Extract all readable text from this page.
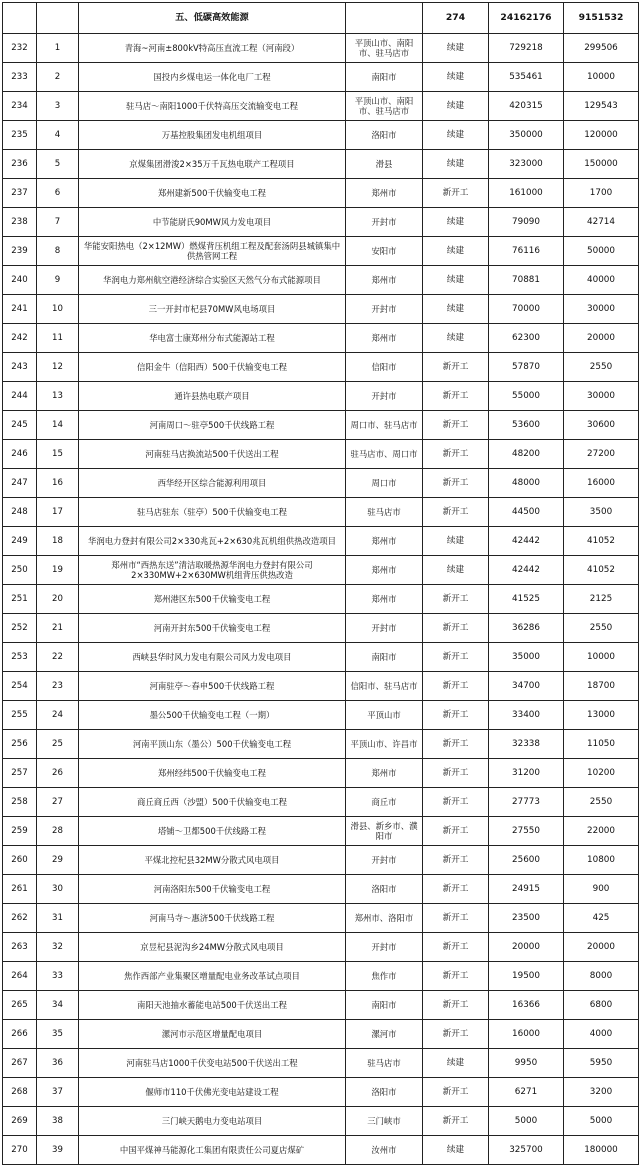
		五、低碳高效能源		274	24162176	9151532
232	1	青海~河南±800kV特高压直流工程（河南段）	平顶山市、南阳市、驻马店市	续建	729218	299506
233	2	国投内乡煤电运一体化电厂工程	南阳市	续建	535461	10000
234	3	驻马店～南阳1000千伏特高压交流输变电工程	平顶山市、南阳市、驻马店市	续建	420315	129543
235	4	万基控股集团发电机组项目	洛阳市	续建	350000	120000
236	5	京煤集团滑浚2×35万千瓦热电联产工程项目	滑县	续建	323000	150000
237	6	郑州建新500千伏输变电工程	郑州市	新开工	161000	1700
238	7	中节能尉氏90MW风力发电项目	开封市	续建	79090	42714
239	8	华能安阳热电（2×12MW）燃煤背压机组工程及配套汤阴县城镇集中供热管网工程	安阳市	续建	76116	50000
240	9	华润电力郑州航空港经济综合实验区天然气分布式能源项目	郑州市	续建	70881	40000
241	10	三一开封市杞县70MW风电场项目	开封市	续建	70000	30000
242	11	华电富士康郑州分布式能源站工程	郑州市	续建	62300	20000
243	12	信阳金牛（信阳西）500千伏输变电工程	信阳市	新开工	57870	2550
244	13	通许县热电联产项目	开封市	新开工	55000	30000
245	14	河南周口～驻亭500千伏线路工程	周口市、驻马店市	新开工	53600	30600
246	15	河南驻马店换流站500千伏送出工程	驻马店市、周口市	新开工	48200	27200
247	16	西华经开区综合能源利用项目	周口市	新开工	48000	16000
248	17	驻马店驻东（驻亭）500千伏输变电工程	驻马店市	新开工	44500	3500
249	18	华润电力登封有限公司2×330兆瓦+2×630兆瓦机组供热改造项目	郑州市	续建	42442	41052
250	19	郑州市“西热东送”清洁取暖热源华润电力登封有限公司2×330MW+2×630MW机组背压供热改造	郑州市	续建	42442	41052
251	20	郑州港区东500千伏输变电工程	郑州市	新开工	41525	2125
252	21	河南开封东500千伏输变电工程	开封市	新开工	36286	2550
253	22	西峡县华时风力发电有限公司风力发电项目	南阳市	新开工	35000	10000
254	23	河南驻亭～春申500千伏线路工程	信阳市、驻马店市	新开工	34700	18700
255	24	墨公500千伏输变电工程（一期）	平顶山市	新开工	33400	13000
256	25	河南平顶山东（墨公）500千伏输变电工程	平顶山市、许昌市	新开工	32338	11050
257	26	郑州经纬500千伏输变电工程	郑州市	新开工	31200	10200
258	27	商丘商丘西（沙盟）500千伏输变电工程	商丘市	新开工	27773	2550
259	28	塔铺～卫都500千伏线路工程	滑县、新乡市、濮阳市	新开工	27550	22000
260	29	平煤北控杞县32MW分散式风电项目	开封市	新开工	25600	10800
261	30	河南洛阳东500千伏输变电工程	洛阳市	新开工	24915	900
262	31	河南马寺～惠济500千伏线路工程	郑州市、洛阳市	新开工	23500	425
263	32	京昱杞县泥沟乡24MW分散式风电项目	开封市	新开工	20000	20000
264	33	焦作西部产业集聚区增量配电业务改革试点项目	焦作市	新开工	19500	8000
265	34	南阳天池抽水蓄能电站500千伏送出工程	南阳市	新开工	16366	6800
266	35	漯河市示范区增量配电项目	漯河市	新开工	16000	4000
267	36	河南驻马店1000千伏变电站500千伏送出工程	驻马店市	续建	9950	5950
268	37	偃师市110千伏佛光变电站建设工程	洛阳市	新开工	6271	3200
269	38	三门峡天鹅电力变电站项目	三门峡市	新开工	5000	5000
270	39	中国平煤神马能源化工集团有限责任公司夏店煤矿	汝州市	续建	325700	180000
